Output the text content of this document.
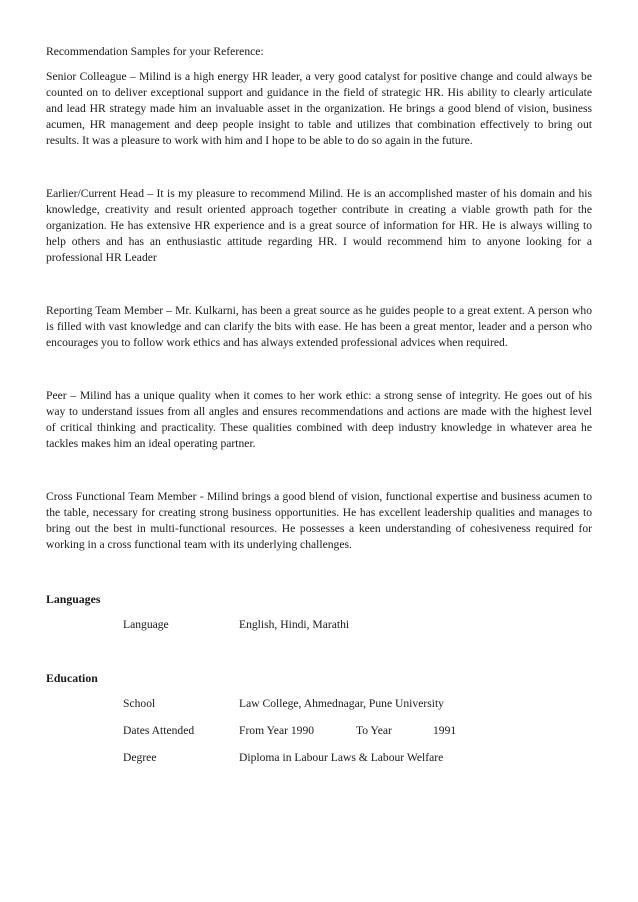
Recommendation Samples for your Reference:

Senior Colleague – Milind is a high energy HR leader, a very good catalyst for positive change and could always be counted on to deliver exceptional support and guidance in the field of strategic HR. His ability to clearly articulate and lead HR strategy made him an invaluable asset in the organization. He brings a good blend of vision, business acumen, HR management and deep people insight to table and utilizes that combination effectively to bring out results. It was a pleasure to work with him and I hope to be able to do so again in the future.

Earlier/Current Head – It is my pleasure to recommend Milind. He is an accomplished master of his domain and his knowledge, creativity and result oriented approach together contribute in creating a viable growth path for the organization. He has extensive HR experience and is a great source of information for HR. He is always willing to help others and has an enthusiastic attitude regarding HR. I would recommend him to anyone looking for a professional HR Leader

Reporting Team Member – Mr. Kulkarni, has been a great source as he guides people to a great extent. A person who is filled with vast knowledge and can clarify the bits with ease. He has been a great mentor, leader and a person who encourages you to follow work ethics and has always extended professional advices when required.

Peer – Milind has a unique quality when it comes to her work ethic: a strong sense of integrity. He goes out of his way to understand issues from all angles and ensures recommendations and actions are made with the highest level of critical thinking and practicality. These qualities combined with deep industry knowledge in whatever area he tackles makes him an ideal operating partner.

Cross Functional Team Member - Milind brings a good blend of vision, functional expertise and business acumen to the table, necessary for creating strong business opportunities. He has excellent leadership qualities and manages to bring out the best in multi-functional resources. He possesses a keen understanding of cohesiveness required for working in a cross functional team with its underlying challenges.

Languages

Language	English, Hindi, Marathi

Education

School	Law College, Ahmednagar, Pune University
Dates Attended	From Year 1990	To Year	1991
Degree	Diploma in Labour Laws & Labour Welfare
